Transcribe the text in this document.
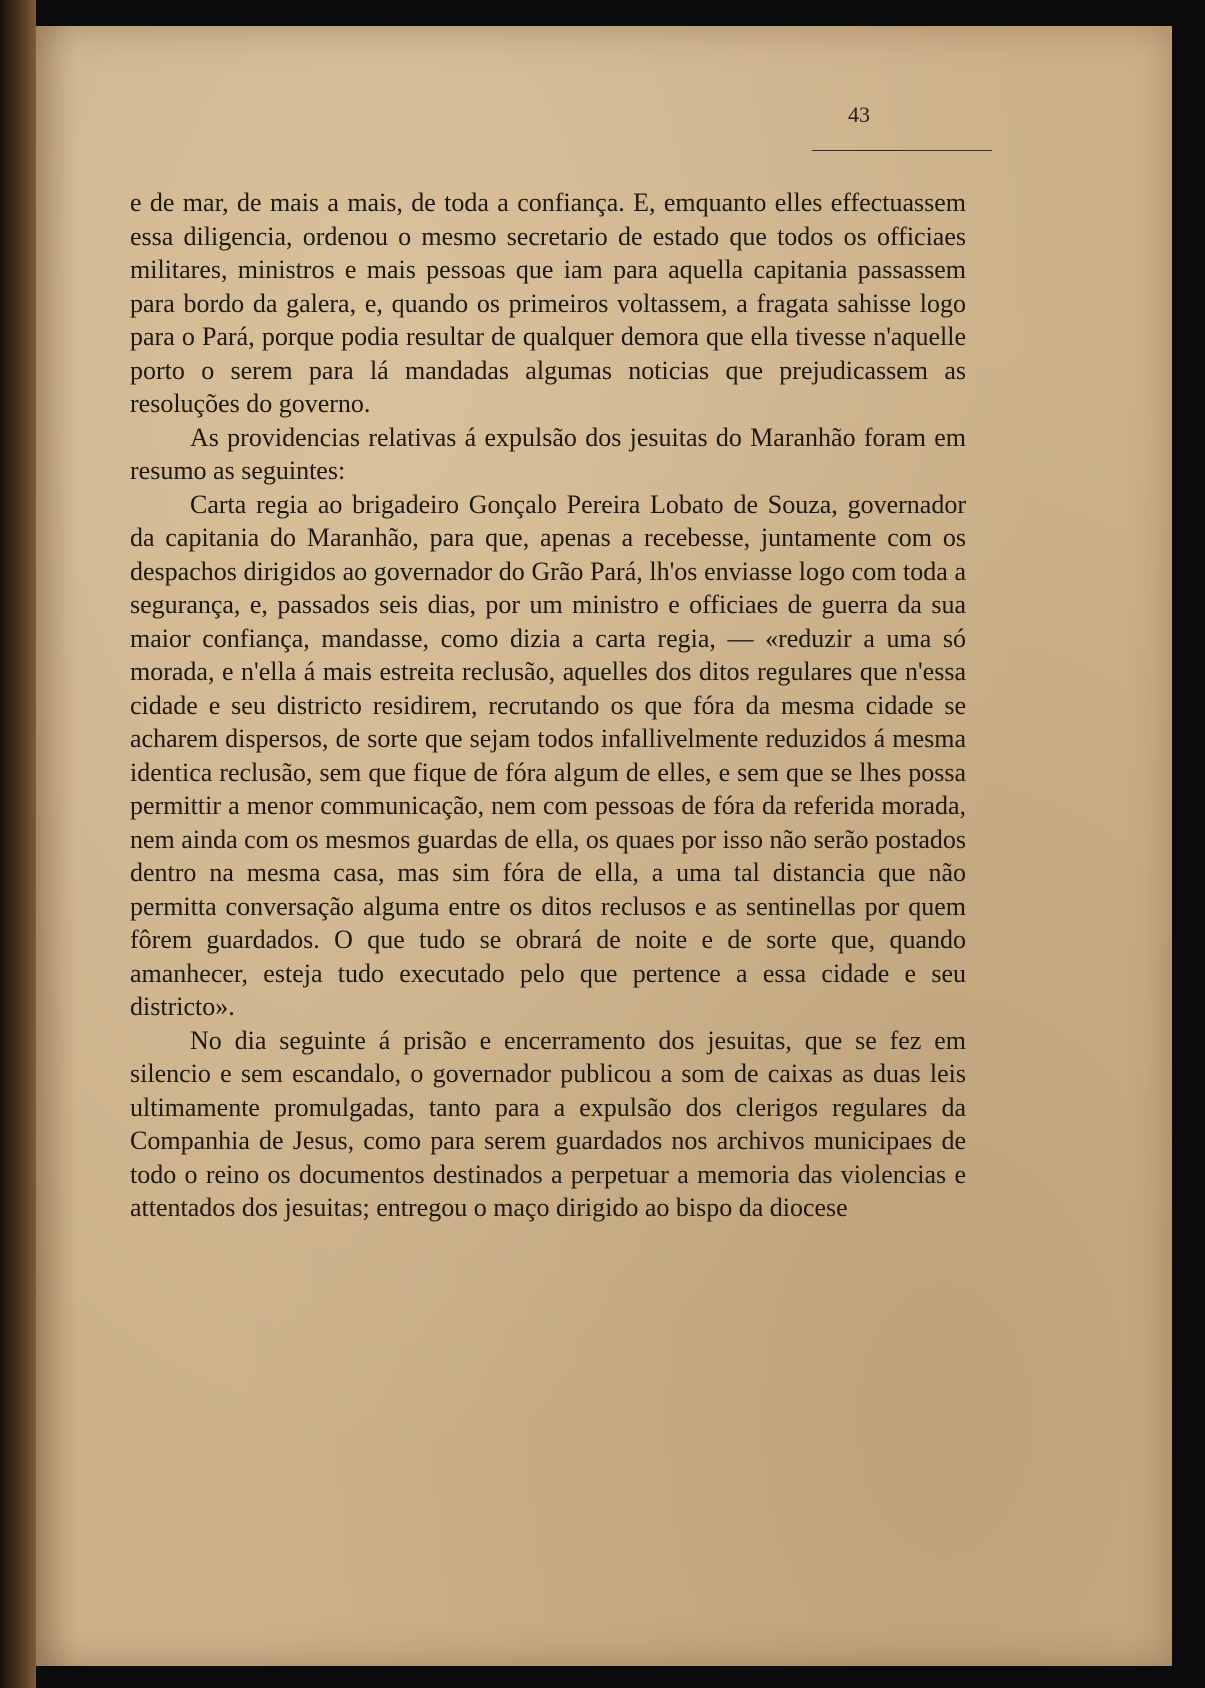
43

e de mar, de mais a mais, de toda a confiança. E, emquanto elles effectuassem essa diligencia, ordenou o mesmo secretario de estado que todos os officiaes militares, ministros e mais pessoas que iam para aquella capitania passassem para bordo da galera, e, quando os primeiros voltassem, a fragata sahisse logo para o Pará, porque podia resultar de qualquer demora que ella tivesse n'aquelle porto o serem para lá mandadas algumas noticias que prejudicassem as resoluções do governo.

As providencias relativas á expulsão dos jesuitas do Maranhão foram em resumo as seguintes:

Carta regia ao brigadeiro Gonçalo Pereira Lobato de Souza, governador da capitania do Maranhão, para que, apenas a recebesse, juntamente com os despachos dirigidos ao governador do Grão Pará, lh'os enviasse logo com toda a segurança, e, passados seis dias, por um ministro e officiaes de guerra da sua maior confiança, mandasse, como dizia a carta regia, — «reduzir a uma só morada, e n'ella á mais estreita reclusão, aquelles dos ditos regulares que n'essa cidade e seu districto residirem, recrutando os que fóra da mesma cidade se acharem dispersos, de sorte que sejam todos infallivelmente reduzidos á mesma identica reclusão, sem que fique de fóra algum de elles, e sem que se lhes possa permittir a menor communicação, nem com pessoas de fóra da referida morada, nem ainda com os mesmos guardas de ella, os quaes por isso não serão postados dentro na mesma casa, mas sim fóra de ella, a uma tal distancia que não permitta conversação alguma entre os ditos reclusos e as sentinellas por quem fôrem guardados. O que tudo se obrará de noite e de sorte que, quando amanhecer, esteja tudo executado pelo que pertence a essa cidade e seu districto».

No dia seguinte á prisão e encerramento dos jesuitas, que se fez em silencio e sem escandalo, o governador publicou a som de caixas as duas leis ultimamente promulgadas, tanto para a expulsão dos clerigos regulares da Companhia de Jesus, como para serem guardados nos archivos municipaes de todo o reino os documentos destinados a perpetuar a memoria das violencias e attentados dos jesuitas; entregou o maço dirigido ao bispo da diocese
